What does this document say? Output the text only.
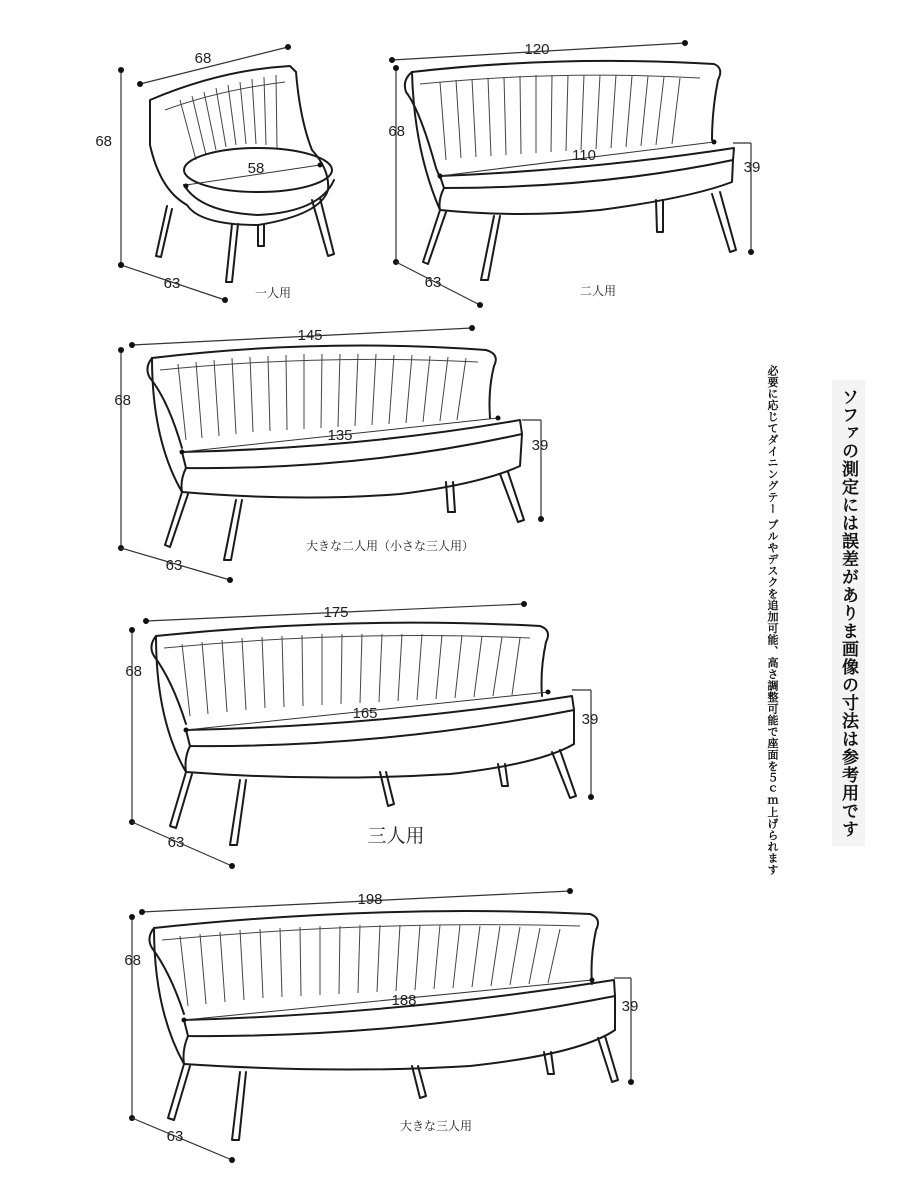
68
68
63
58
一人用
120
68
63
39
110
二人用
145
68
63
39
135
大きな二人用（小さな三人用）
175
68
63
39
165
三人用
198
68
63
39
188
大きな三人用
ソファの測定には誤差がありま画像の寸法は参考用です
必要に応じてダイニングテー ブルやデスクを追加可能、高さ調整可能で座面を５ｃｍ上げられます
